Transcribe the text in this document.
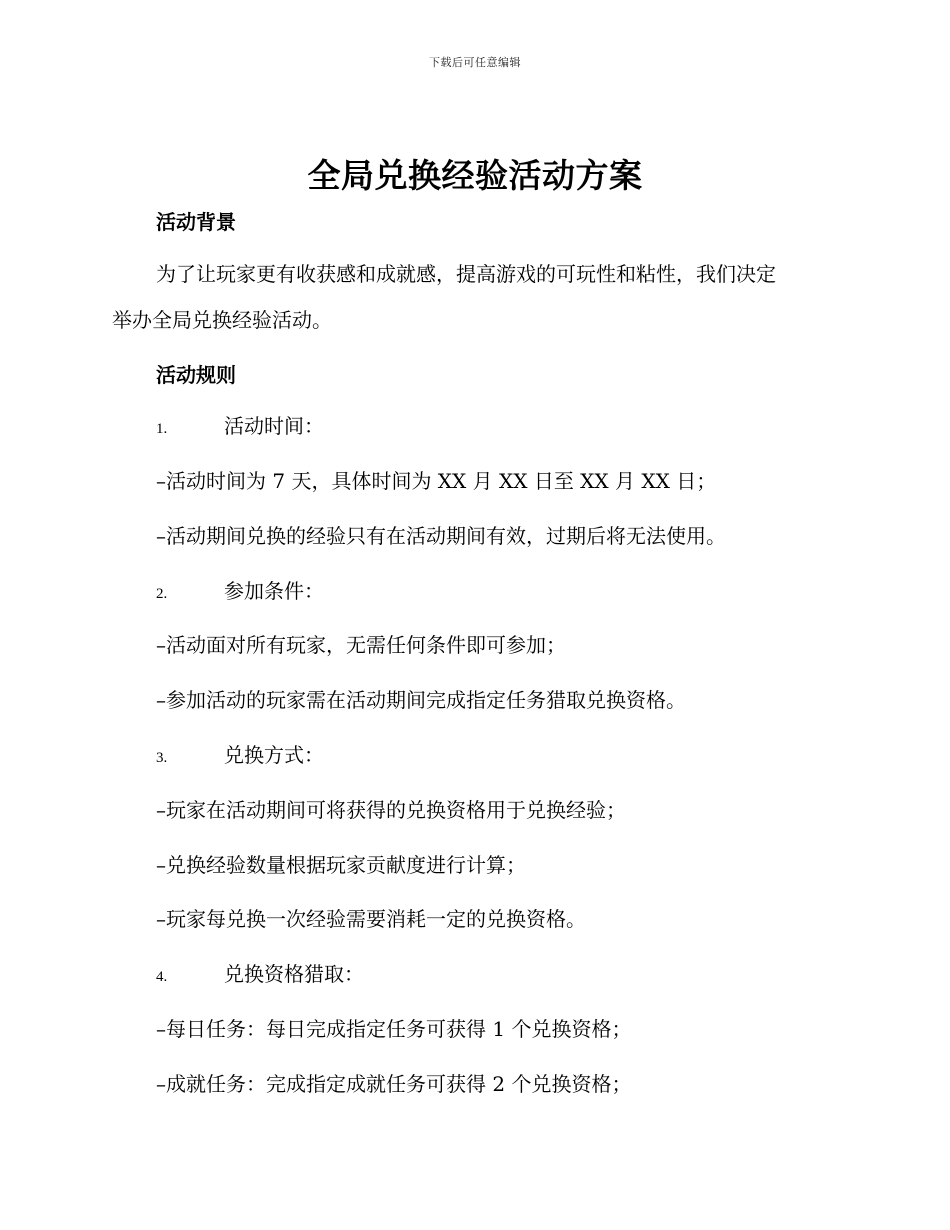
下载后可任意编辑
全局兑换经验活动方案
活动背景
为了让玩家更有收获感和成就感，提高游戏的可玩性和粘性，我们决定
举办全局兑换经验活动。
活动规则
1.	活动时间：
–活动时间为 7 天，具体时间为 XX 月 XX 日至 XX 月 XX 日；
–活动期间兑换的经验只有在活动期间有效，过期后将无法使用。
2.	参加条件：
–活动面对所有玩家，无需任何条件即可参加；
–参加活动的玩家需在活动期间完成指定任务猎取兑换资格。
3.	兑换方式：
–玩家在活动期间可将获得的兑换资格用于兑换经验；
–兑换经验数量根据玩家贡献度进行计算；
–玩家每兑换一次经验需要消耗一定的兑换资格。
4.	兑换资格猎取：
–每日任务：每日完成指定任务可获得 1 个兑换资格；
–成就任务：完成指定成就任务可获得 2 个兑换资格；
